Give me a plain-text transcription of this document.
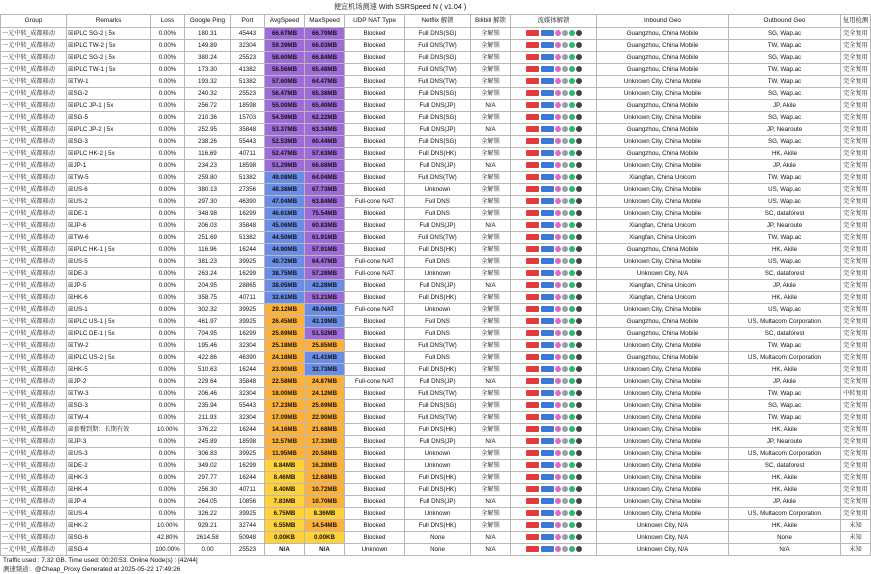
便宜机场测速 With SSRSpeed N ( v1.04 )
Group	Remarks	Loss	Google Ping	Port	AvgSpeed	MaxSpeed	UDP NAT Type	Netflix 解锁	Bilibili 解锁	流媒体解锁	Inbound Geo	Outbound Geo	复用检测
一元中转_成都移动	☒IPLC SG-2 | 5x	0.00%	180.31	45443	66.67MB	66.70MB	Blocked	Full DNS(SG)	全解锁		Guangzhou, China Mobile	SG, Wap.ac	完全复用
一元中转_成都移动	☒IPLC TW-2 | 5x	0.00%	149.89	32304	59.39MB	66.03MB	Blocked	Full DNS(TW)	全解锁		Guangzhou, China Mobile	TW, Wap.ac	完全复用
一元中转_成都移动	☒IPLC SG-2 | 5x	0.00%	380.24	25523	58.60MB	66.84MB	Blocked	Full DNS(SG)	全解锁		Guangzhou, China Mobile	SG, Wap.ac	完全复用
一元中转_成都移动	☒IPLC TW-1 | 5x	0.00%	173.30	41382	58.56MB	65.48MB	Blocked	Full DNS(TW)	全解锁		Guangzhou, China Mobile	TW, Wap.ac	完全复用
一元中转_成都移动	☒TW-1	0.00%	193.32	51382	57.60MB	64.47MB	Blocked	Full DNS(TW)	全解锁		Unknown City, China Mobile	TW, Wap.ac	完全复用
一元中转_成都移动	☒SG-2	0.00%	240.32	25523	56.47MB	65.38MB	Blocked	Full DNS(SG)	全解锁		Unknown City, China Mobile	SG, Wap.ac	完全复用
一元中转_成都移动	☒IPLC JP-1 | 5x	0.00%	256.72	18598	55.00MB	65.40MB	Blocked	Full DNS(JP)	N/A		Guangzhou, China Mobile	JP, Akile	完全复用
一元中转_成都移动	☒SG-5	0.00%	210.36	15703	54.59MB	62.22MB	Blocked	Full DNS(SG)	全解锁		Unknown City, China Mobile	SG, Wap.ac	完全复用
一元中转_成都移动	☒IPLC JP-2 | 5x	0.00%	252.95	35848	53.37MB	63.34MB	Blocked	Full DNS(JP)	N/A		Guangzhou, China Mobile	JP, Nearoute	完全复用
一元中转_成都移动	☒SG-3	0.00%	238.26	55443	52.53MB	60.44MB	Blocked	Full DNS(SG)	全解锁		Unknown City, China Mobile	SG, Wap.ac	完全复用
一元中转_成都移动	☒IPLC HK-2 | 5x	0.00%	116.69	40711	52.47MB	57.63MB	Blocked	Full DNS(HK)	全解锁		Guangzhou, China Mobile	HK, Akile	完全复用
一元中转_成都移动	☒JP-1	0.00%	234.23	18598	51.29MB	66.68MB	Blocked	Full DNS(JP)	N/A		Unknown City, China Mobile	JP, Akile	完全复用
一元中转_成都移动	☒TW-5	0.00%	259.80	51382	49.08MB	64.04MB	Blocked	Full DNS(TW)	全解锁		Xiangfan, China Unicom	TW, Wap.ac	完全复用
一元中转_成都移动	☒US-6	0.00%	380.13	27356	48.38MB	67.73MB	Blocked	Unknown	全解锁		Unknown City, China Mobile	US, Wap.ac	完全复用
一元中转_成都移动	☒US-2	0.00%	297.30	46390	47.04MB	63.84MB	Full-cone NAT	Full DNS	全解锁		Unknown City, China Mobile	US, Wap.ac	完全复用
一元中转_成都移动	☒DE-1	0.00%	348.98	16299	46.61MB	75.54MB	Blocked	Full DNS	全解锁		Unknown City, China Mobile	SC, dataforest	完全复用
一元中转_成都移动	☒JP-6	0.00%	206.03	35848	45.06MB	60.83MB	Blocked	Full DNS(JP)	N/A		Xiangfan, China Unicom	JP, Nearoute	完全复用
一元中转_成都移动	☒TW-6	0.00%	251.69	51382	44.50MB	61.91MB	Blocked	Full DNS(TW)	全解锁		Xiangfan, China Unicom	TW, Wap.ac	完全复用
一元中转_成都移动	☒IPLC HK-1 | 5x	0.00%	116.96	16244	44.90MB	57.91MB	Blocked	Full DNS(HK)	全解锁		Guangzhou, China Mobile	HK, Akile	完全复用
一元中转_成都移动	☒US-5	0.00%	381.23	39925	40.72MB	64.47MB	Full-cone NAT	Full DNS	全解锁		Unknown City, China Mobile	US, Wap.ac	完全复用
一元中转_成都移动	☒DE-3	0.00%	263.24	16299	38.75MB	57.28MB	Full-cone NAT	Unknown	全解锁		Unknown City, N/A	SC, dataforest	完全复用
一元中转_成都移动	☒JP-5	0.00%	204.95	28865	38.05MB	43.28MB	Blocked	Full DNS(JP)	N/A		Xiangfan, China Unicom	JP, Akile	完全复用
一元中转_成都移动	☒HK-6	0.00%	358.75	40711	32.61MB	53.21MB	Blocked	Full DNS(HK)	全解锁		Xiangfan, China Unicom	HK, Akile	完全复用
一元中转_成都移动	☒US-1	0.00%	302.32	39925	29.12MB	49.04MB	Full-cone NAT	Unknown	全解锁		Unknown City, China Mobile	US, Wap.ac	完全复用
一元中转_成都移动	☒IPLC US-1 | 5x	0.00%	461.97	39925	26.45MB	43.19MB	Blocked	Full DNS	全解锁		Guangzhou, China Mobile	US, Multacom Corporation	完全复用
一元中转_成都移动	☒IPLC DE-1 | 5x	0.00%	704.95	16299	25.69MB	51.52MB	Blocked	Full DNS	全解锁		Guangzhou, China Mobile	SC, dataforest	完全复用
一元中转_成都移动	☒TW-2	0.00%	195.46	32304	25.18MB	25.85MB	Blocked	Full DNS(TW)	全解锁		Unknown City, China Mobile	TW, Wap.ac	完全复用
一元中转_成都移动	☒IPLC US-2 | 5x	0.00%	422.86	46390	24.18MB	41.41MB	Blocked	Full DNS	全解锁		Guangzhou, China Mobile	US, Multacom Corporation	完全复用
一元中转_成都移动	☒HK-5	0.00%	510.63	16244	23.90MB	32.73MB	Blocked	Full DNS(HK)	全解锁		Unknown City, China Mobile	HK, Akile	完全复用
一元中转_成都移动	☒JP-2	0.00%	229.64	35848	22.58MB	24.87MB	Full-cone NAT	Full DNS(JP)	N/A		Unknown City, China Mobile	JP, Akile	完全复用
一元中转_成都移动	☒TW-3	0.00%	206.46	32304	18.00MB	24.12MB	Blocked	Full DNS(TW)	全解锁		Unknown City, China Mobile	TW, Wap.ac	中转复用
一元中转_成都移动	☒SG-3	0.00%	235.94	55443	17.23MB	25.69MB	Blocked	Full DNS(SG)	全解锁		Unknown City, China Mobile	SG, Wap.ac	完全复用
一元中转_成都移动	☒TW-4	0.00%	211.93	32304	17.09MB	22.90MB	Blocked	Full DNS(TW)	全解锁		Unknown City, China Mobile	TW, Wap.ac	完全复用
一元中转_成都移动	☒套餐到期：长期有效	10.00%	376.22	16244	14.16MB	21.68MB	Blocked	Full DNS(HK)	全解锁		Unknown City, China Mobile	HK, Akile	完全复用
一元中转_成都移动	☒JP-3	0.00%	245.89	18598	12.57MB	17.33MB	Blocked	Full DNS(JP)	N/A		Unknown City, China Mobile	JP, Nearoute	完全复用
一元中转_成都移动	☒US-3	0.00%	306.83	39925	11.95MB	20.58MB	Blocked	Unknown	全解锁		Unknown City, China Mobile	US, Multacom Corporation	完全复用
一元中转_成都移动	☒DE-2	0.00%	349.02	16299	8.84MB	16.28MB	Blocked	Unknown	全解锁		Unknown City, China Mobile	SC, dataforest	完全复用
一元中转_成都移动	☒HK-3	0.00%	297.77	16244	8.46MB	12.68MB	Blocked	Full DNS(HK)	全解锁		Unknown City, China Mobile	HK, Akile	完全复用
一元中转_成都移动	☒HK-4	0.00%	256.30	40711	8.40MB	10.72MB	Blocked	Full DNS(HK)	全解锁		Unknown City, China Mobile	HK, Akile	完全复用
一元中转_成都移动	☒JP-4	0.00%	264.05	10856	7.83MB	10.70MB	Blocked	Full DNS(JP)	N/A		Unknown City, China Mobile	JP, Akile	完全复用
一元中转_成都移动	☒US-4	0.00%	326.22	39925	6.75MB	8.36MB	Blocked	Unknown	全解锁		Unknown City, China Mobile	US, Multacom Corporation	完全复用
一元中转_成都移动	☒HK-2	10.00%	929.21	32744	6.55MB	14.54MB	Blocked	Full DNS(HK)	全解锁		Unknown City, N/A	HK, Akile	未知
一元中转_成都移动	☒SG-6	42.80%	2614.58	50948	0.00KB	0.00KB	Blocked	None	N/A		Unknown City, N/A	None	未知
一元中转_成都移动	☒SG-4	100.00%	0.00	25523	N/A	N/A	Unknown	None	N/A		Unknown City, N/A	N/A	未知
Traffic used : 7.32 GB. Time used: 00:20:53. Online Node(s) : [42/44]
测速频道：@Cheap_Proxy Generated at 2025-05-22 17:49:26
